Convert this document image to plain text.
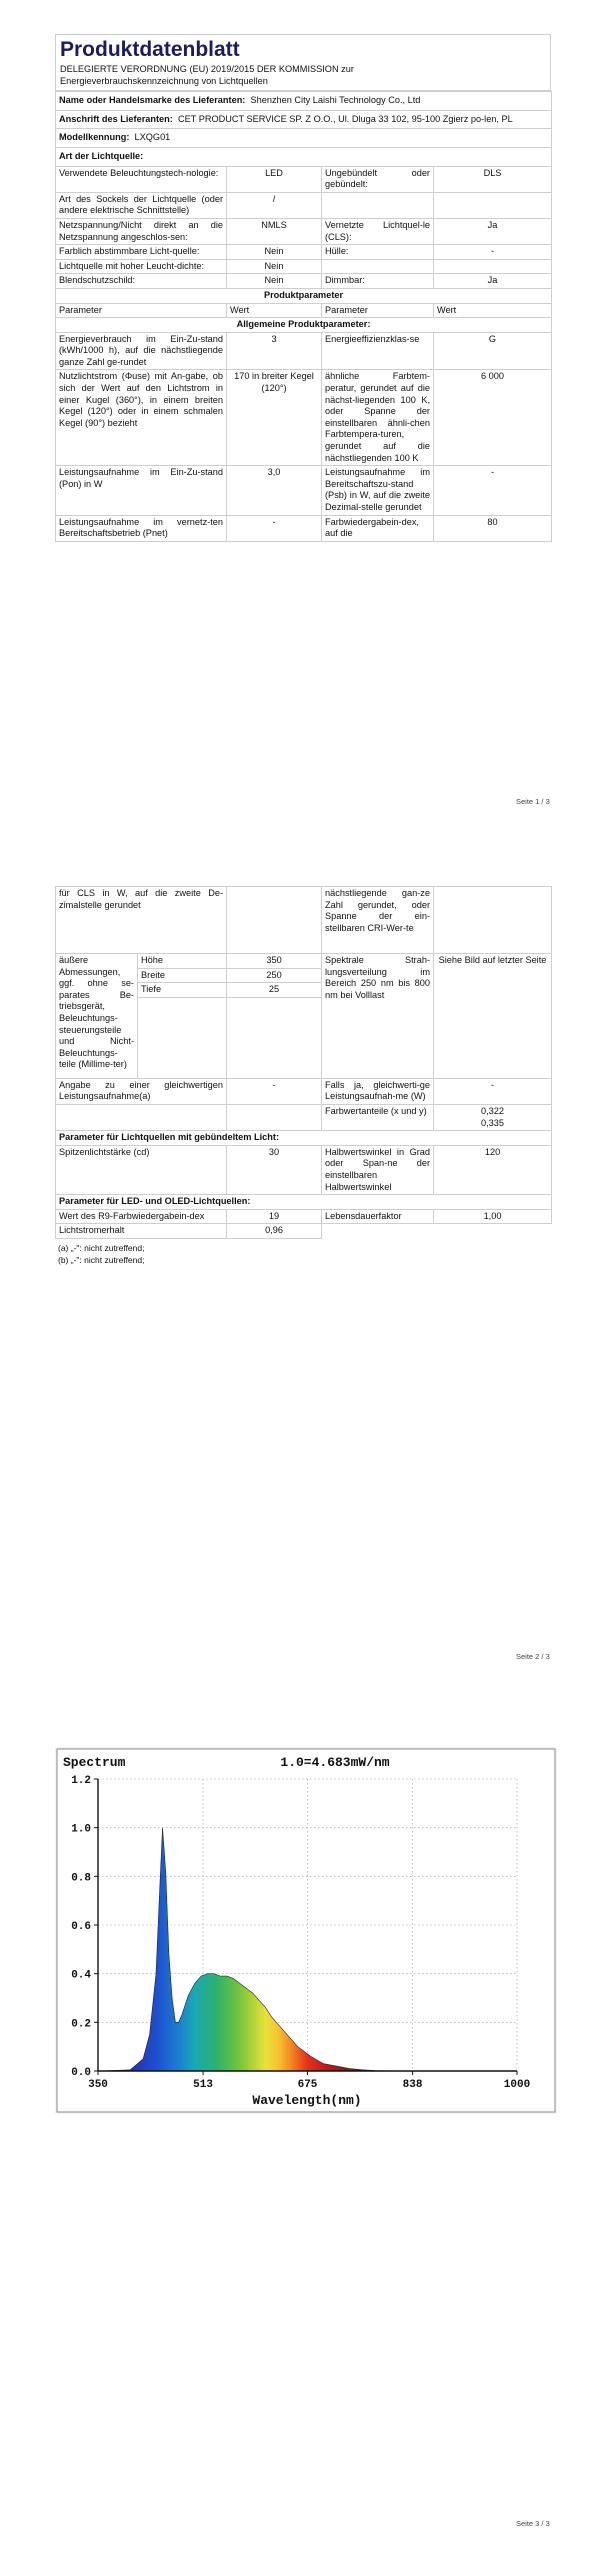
Produktdatenblatt
DELEGIERTE VERORDNUNG (EU) 2019/2015 DER KOMMISSION zur
Energieverbrauchskennzeichnung von Lichtquellen
Name oder Handelsmarke des Lieferanten: Shenzhen City Laishi Technology Co., Ltd			
Anschrift des Lieferanten: CET PRODUCT SERVICE SP. Z O.O., Ul. Dluga 33 102, 95-100 Zgierz po-len, PL			
Modellkennung: LXQG01			
Art der Lichtquelle:			
Verwendete Beleuchtungstech-nologie:	LED	Ungebündelt oder gebündelt:	DLS
Art des Sockels der Lichtquelle (oder andere elektrische Schnittstelle)	/		
Netzspannung/Nicht direkt an die Netzspannung angeschlos-sen:	NMLS	Vernetzte Lichtquel-le (CLS):	Ja
Farblich abstimmbare Licht-quelle:	Nein	Hülle:	-
Lichtquelle mit hoher Leucht-dichte:	Nein		
Blendschutzschild:	Nein	Dimmbar:	Ja
Produktparameter			
Parameter	Wert	Parameter	Wert
Allgemeine Produktparameter:			
Energieverbrauch im Ein-Zu-stand (kWh/1000 h), auf die nächstliegende ganze Zahl ge-rundet	3	Energieeffizienzklas-se	G
Nutzlichtstrom (Φuse) mit An-gabe, ob sich der Wert auf den Lichtstrom in einer Kugel (360°), in einem breiten Kegel (120°) oder in einem schmalen Kegel (90°) bezieht	170 in breiter Kegel (120°)	ähnliche Farbtem-peratur, gerundet auf die nächst-liegenden 100 K, oder Spanne der einstellbaren ähnli-chen Farbtempera-turen, gerundet auf die nächstliegenden 100 K	6 000
Leistungsaufnahme im Ein-Zu-stand (Pon) in W	3,0	Leistungsaufnahme im Bereitschaftszu-stand (Psb) in W, auf die zweite Dezimal-stelle gerundet	-
Leistungsaufnahme im vernetz-ten Bereitschaftsbetrieb (Pnet)	-	Farbwiedergabein-dex, auf die	80
Seite 1 / 3
für CLS in W, auf die zweite De-zimalstelle gerundet			nächstliegende gan-ze Zahl gerundet, oder Spanne der ein-stellbaren CRI-Wer-te	
äußere Abmessungen, ggf. ohne se-parates Be-triebsgerät, Beleuchtungs-steuerungsteile und Nicht-Beleuchtungs-teile (Millime-ter)	Höhe	350	Spektrale Strah-lungsverteilung im Bereich 250 nm bis 800 nm bei Volllast	Siehe Bild auf letzter Seite
	Breite	250		
	Tiefe	25		

Angabe zu einer gleichwertigen Leistungsaufnahme(a)		-	Falls ja, gleichwerti-ge Leistungsaufnah-me (W)	-
			Farbwertanteile (x und y)	0,322
0,335

Parameter für Lichtquellen mit gebündeltem Licht:				
Spitzenlichtstärke (cd)		30	Halbwertswinkel in Grad oder Span-ne der einstellbaren Halbwertswinkel	120
Parameter für LED- und OLED-Lichtquellen:				
Wert des R9-Farbwiedergabein-dex		19	Lebensdauerfaktor	1,00
Lichtstromerhalt		0,96		
(a) „-": nicht zutreffend;
(b) „-": nicht zutreffend;
Seite 2 / 3
0.0
0.2
0.4
0.6
0.8
1.0
1.2
350	513	675	838	1000
Spectrum	1.0=4.683mW/nm
Wavelength(nm)
Seite 3 / 3
